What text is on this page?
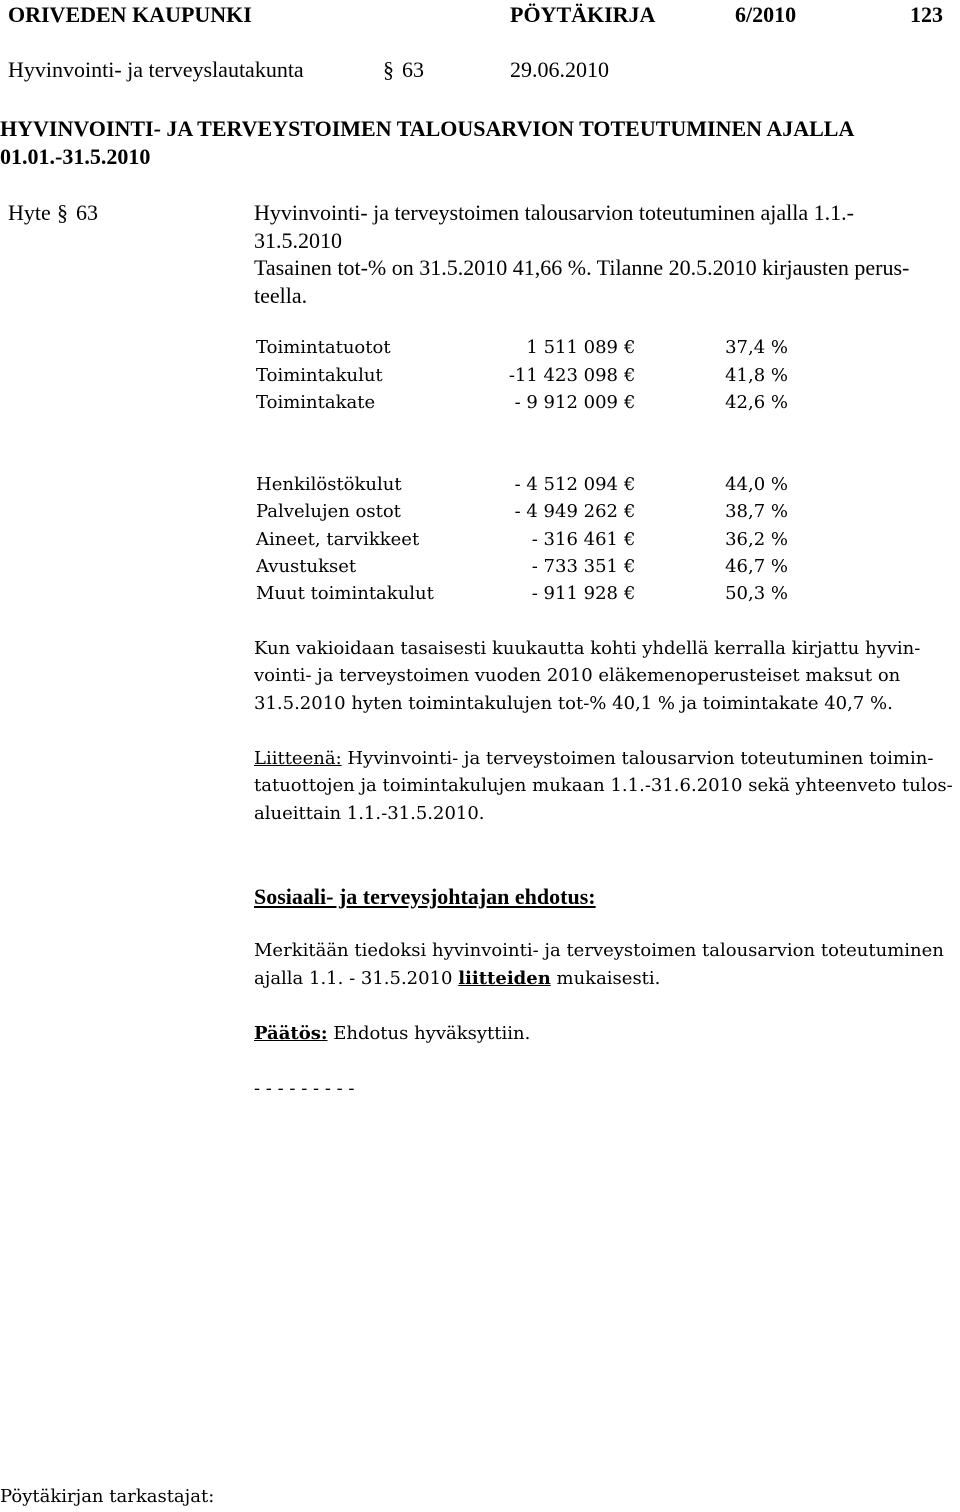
ORIVEDEN KAUPUNKI	PÖYTÄKIRJA	6/2010	123
Hyvinvointi- ja terveyslautakunta	§ 63	29.06.2010
HYVINVOINTI- JA TERVEYSTOIMEN TALOUSARVION TOTEUTUMINEN AJALLA
01.01.-31.5.2010
Hyte § 63	Hyvinvointi- ja terveystoimen talousarvion toteutuminen ajalla 1.1.-
31.5.2010
Tasainen tot-% on 31.5.2010 41,66 %. Tilanne 20.5.2010 kirjausten perus-
teella.
Toimintatuotot	1 511 089 €	37,4 %
Toimintakulut	-11 423 098 €	41,8 %
Toimintakate	- 9 912 009 €	42,6 %
Henkilöstökulut	- 4 512 094 €	44,0 %
Palvelujen ostot	- 4 949 262 €	38,7 %
Aineet, tarvikkeet	- 316 461 €	36,2 %
Avustukset	- 733 351 €	46,7 %
Muut toimintakulut	- 911 928 €	50,3 %
Kun vakioidaan tasaisesti kuukautta kohti yhdellä kerralla kirjattu hyvin-
vointi- ja terveystoimen vuoden 2010 eläkemenoperusteiset maksut on
31.5.2010 hyten toimintakulujen tot-% 40,1 % ja toimintakate 40,7 %.
Liitteenä: Hyvinvointi- ja terveystoimen talousarvion toteutuminen toimin-
tatuottojen ja toimintakulujen mukaan 1.1.-31.6.2010 sekä yhteenveto tulos-
alueittain 1.1.-31.5.2010.
Sosiaali- ja terveysjohtajan ehdotus:
Merkitään tiedoksi hyvinvointi- ja terveystoimen talousarvion toteutuminen
ajalla 1.1. - 31.5.2010 liitteiden mukaisesti.
Päätös: Ehdotus hyväksyttiin.
- - - - - - - - -
Pöytäkirjan tarkastajat:
